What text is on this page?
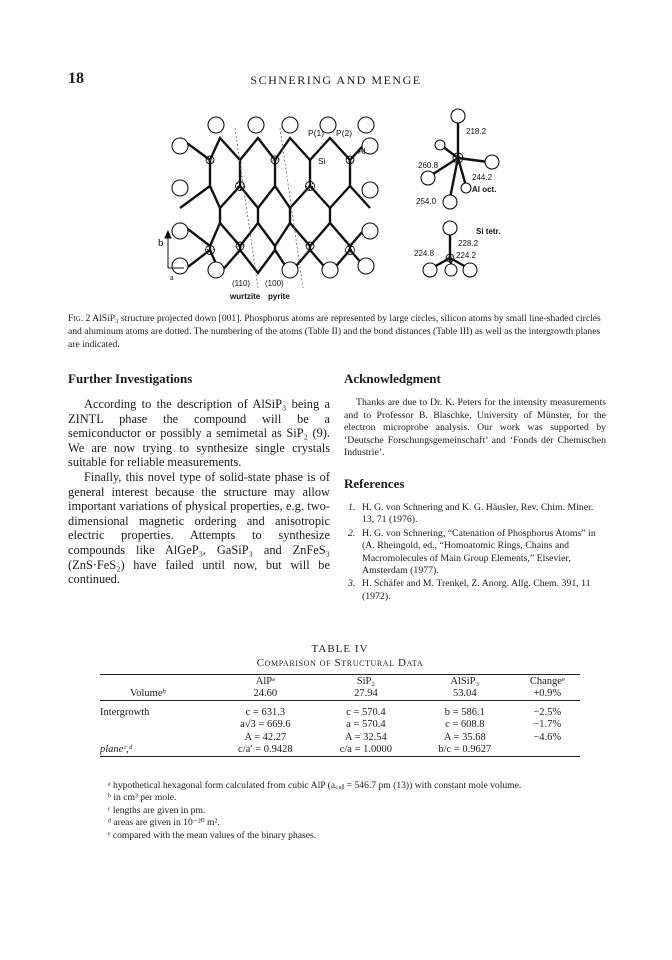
18	SCHNERING AND MENGE
P(1) P(2)
Si
Al
b
a
(110) (100)
wurtzite pyrite
218.2
260.8
244.2
Al oct.
254.0
Si tetr.
228.2
224.8	224.2
Fig. 2 AlSiP₃ structure projected down [001]. Phosphorus atoms are represented by large circles, silicon atoms by small line-shaded circles and aluminum atoms are dotted. The numbering of the atoms (Table II) and the bond distances (Table III) as well as the intergrowth planes are indicated.
Further Investigations

According to the description of AlSiP₃ being a ZINTL phase the compound will be a semiconductor or possibly a semimetal as SiP₂ (9). We are now trying to synthesize single crystals suitable for reliable measurements.

Finally, this novel type of solid-state phase is of general interest because the structure may allow important variations of physical properties, e.g. two-dimensional magnetic ordering and anisotropic electric properties. Attempts to synthesize compounds like AlGeP₃, GaSiP₃ and ZnFeS₃ (ZnS·FeS₂) have failed until now, but will be continued.

Acknowledgment

Thanks are due to Dr. K. Peters for the intensity measurements and to Professor B. Blaschke, University of Münster, for the electron microprobe analysis. Our work was supported by ‘Deutsche Forschungsgemeinschaft’ and ‘Fonds der Chemischen Industrie’.

References
1. H. G. von Schnering and K. G. Häusler, Rev. Chim. Miner. 13, 71 (1976).
2. H. G. von Schnering, “Catenation of Phosphorus Atoms” in (A. Rheingold, ed., “Homoatomic Rings, Chains and Macromolecules of Main Group Elements,” Elsevier, Amsterdam (1977).
3. H. Schäfer and M. Trenkel, Z. Anorg. Allg. Chem. 391, 11 (1972).

TABLE IV

Comparison of Structural Data

	AlPᵃ	SiP₂	AlSiP₃	Changeᵉ
Volumeᵇ	24.60	27.94	53.04	+0.9%

Intergrowth	c = 631.3	c = 570.4	b = 586.1	−2.5%
	a√3 = 669.6	a = 570.4	c = 608.8	−1.7%
	A = 42.27	A = 32.54	A = 35.68	−4.6%
planeᶜ,ᵈ	c/a′ = 0.9428	c/a = 1.0000	b/c = 0.9627	

ᵃ hypothetical hexagonal form calculated from cubic AlP (a꜀ᵤᵦ = 546.7 pm (13)) with constant mole volume.

ᵇ in cm³ per mole.

ᶜ lengths are given in pm.

ᵈ areas are given in 10⁻²⁰ m².

ᵉ compared with the mean values of the binary phases.
